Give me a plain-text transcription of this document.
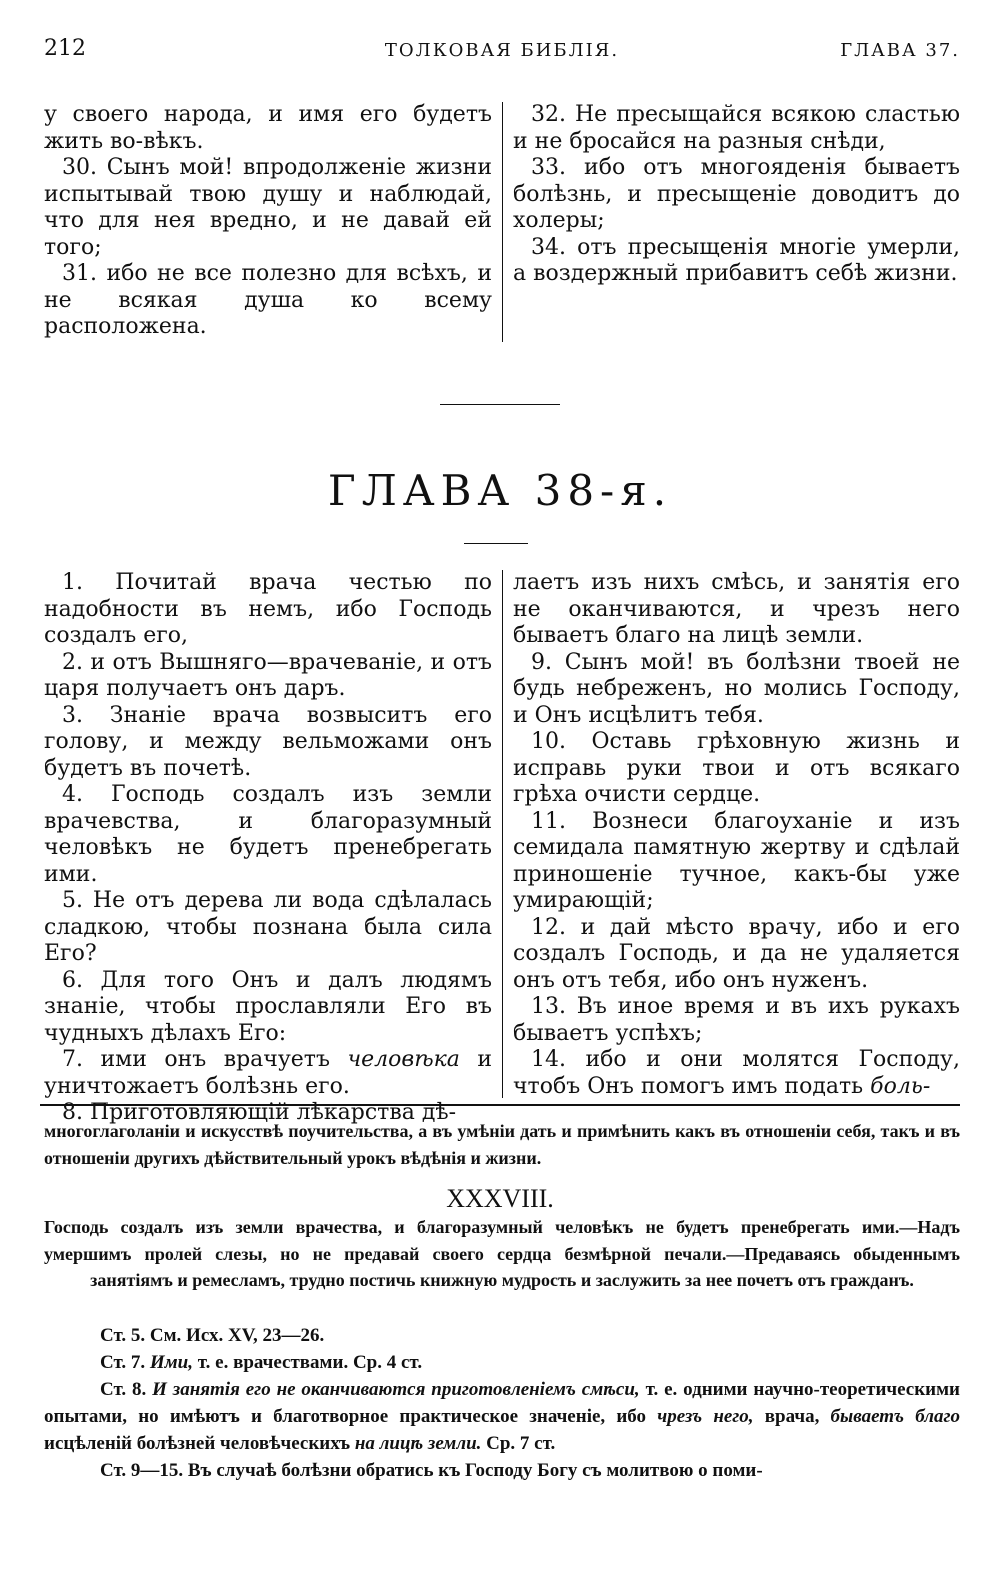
212	ТОЛКОВАЯ БИБЛІЯ.	ГЛАВА 37.

у своего народа, и имя его будетъ жить во-вѣкъ.

30. Сынъ мой! впродолженіе жизни испытывай твою душу и наблюдай, что для нея вредно, и не давай ей того;

31. ибо не все полезно для всѣхъ, и не всякая душа ко всему расположена.

32. Не пресыщайся всякою сластью и не бросайся на разныя снѣди,

33. ибо отъ многояденія бываетъ болѣзнь, и пресыщеніе доводитъ до холеры;

34. отъ пресыщенія многіе умерли, а воздержный прибавитъ себѣ жизни.

ГЛАВА 38-я.

1. Почитай врача честью по надобности въ немъ, ибо Господь создалъ его,

2. и отъ Вышняго—врачеваніе, и отъ царя получаетъ онъ даръ.

3. Знаніе врача возвыситъ его голову, и между вельможами онъ будетъ въ почетѣ.

4. Господь создалъ изъ земли врачевства, и благоразумный человѣкъ не будетъ пренебрегать ими.

5. Не отъ дерева ли вода сдѣлалась сладкою, чтобы познана была сила Его?

6. Для того Онъ и далъ людямъ знаніе, чтобы прославляли Его въ чудныхъ дѣлахъ Его:

7. ими онъ врачуетъ человѣка и уничтожаетъ болѣзнь его.

8. Приготовляющій лѣкарства дѣ-

лаетъ изъ нихъ смѣсь, и занятія его не оканчиваются, и чрезъ него бываетъ благо на лицѣ земли.

9. Сынъ мой! въ болѣзни твоей не будь небреженъ, но молись Господу, и Онъ исцѣлитъ тебя.

10. Оставь грѣховную жизнь и исправь руки твои и отъ всякаго грѣха очисти сердце.

11. Вознеси благоуханіе и изъ семидала памятную жертву и сдѣлай приношеніе тучное, какъ-бы уже умирающій;

12. и дай мѣсто врачу, ибо и его создалъ Господь, и да не удаляется онъ отъ тебя, ибо онъ нуженъ.

13. Въ иное время и въ ихъ рукахъ бываетъ успѣхъ;

14. ибо и они молятся Господу, чтобъ Онъ помогъ имъ подать боль-

многоглаголаніи и искусствѣ поучительства, а въ умѣніи дать и примѣнить какъ въ отношеніи себя, такъ и въ отношеніи другихъ дѣйствительный урокъ вѣдѣнія и жизни.
XXXVIII.
Господь создалъ изъ земли врачества, и благоразумный человѣкъ не будетъ пренебрегать ими.—Надъ умершимъ пролей слезы, но не предавай своего сердца безмѣрной печали.—Предаваясь обыденнымъ занятіямъ и ремесламъ, трудно постичь книжную мудрость и заслужить за нее почетъ отъ гражданъ.

Ст. 5. См. Исх. XV, 23—26.

Ст. 7. Ими, т. е. врачествами. Ср. 4 ст.

Ст. 8. И занятія его не оканчиваются приготовленіемъ смѣси, т. е. одними научно-теоретическими опытами, но имѣютъ и благотворное практическое значеніе, ибо чрезъ него, врача, бываетъ благо исцѣленій болѣзней человѣческихъ на лицѣ земли. Ср. 7 ст.

Ст. 9—15. Въ случаѣ болѣзни обратись къ Господу Богу съ молитвою о поми-
